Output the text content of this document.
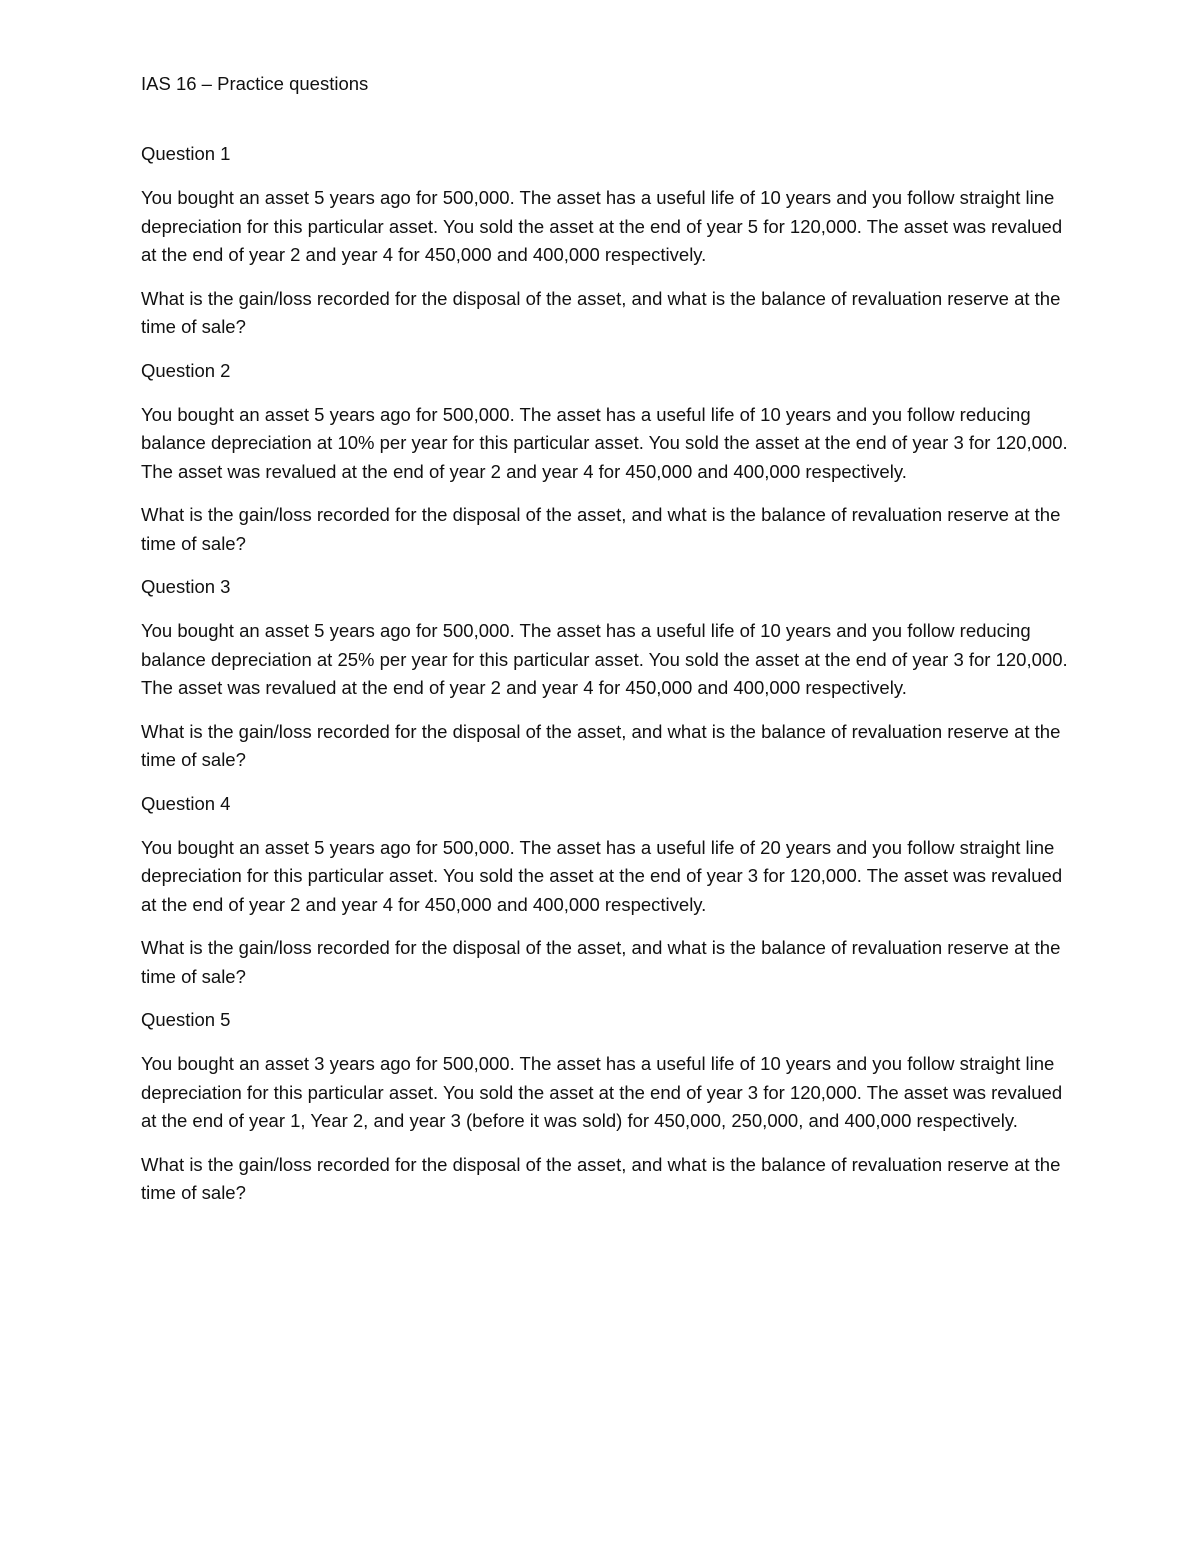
IAS 16 – Practice questions
Question 1

You bought an asset 5 years ago for 500,000. The asset has a useful life of 10 years and you follow straight line depreciation for this particular asset. You sold the asset at the end of year 5 for 120,000. The asset was revalued at the end of year 2 and year 4 for 450,000 and 400,000 respectively.

What is the gain/loss recorded for the disposal of the asset, and what is the balance of revaluation reserve at the time of sale?

Question 2

You bought an asset 5 years ago for 500,000. The asset has a useful life of 10 years and you follow reducing balance depreciation at 10% per year for this particular asset. You sold the asset at the end of year 3 for 120,000. The asset was revalued at the end of year 2 and year 4 for 450,000 and 400,000 respectively.

What is the gain/loss recorded for the disposal of the asset, and what is the balance of revaluation reserve at the time of sale?

Question 3

You bought an asset 5 years ago for 500,000. The asset has a useful life of 10 years and you follow reducing balance depreciation at 25% per year for this particular asset. You sold the asset at the end of year 3 for 120,000. The asset was revalued at the end of year 2 and year 4 for 450,000 and 400,000 respectively.

What is the gain/loss recorded for the disposal of the asset, and what is the balance of revaluation reserve at the time of sale?

Question 4

You bought an asset 5 years ago for 500,000. The asset has a useful life of 20 years and you follow straight line depreciation for this particular asset. You sold the asset at the end of year 3 for 120,000. The asset was revalued at the end of year 2 and year 4 for 450,000 and 400,000 respectively.

What is the gain/loss recorded for the disposal of the asset, and what is the balance of revaluation reserve at the time of sale?

Question 5

You bought an asset 3 years ago for 500,000. The asset has a useful life of 10 years and you follow straight line depreciation for this particular asset. You sold the asset at the end of year 3 for 120,000. The asset was revalued at the end of year 1, Year 2, and year 3 (before it was sold) for 450,000, 250,000, and 400,000 respectively.

What is the gain/loss recorded for the disposal of the asset, and what is the balance of revaluation reserve at the time of sale?
